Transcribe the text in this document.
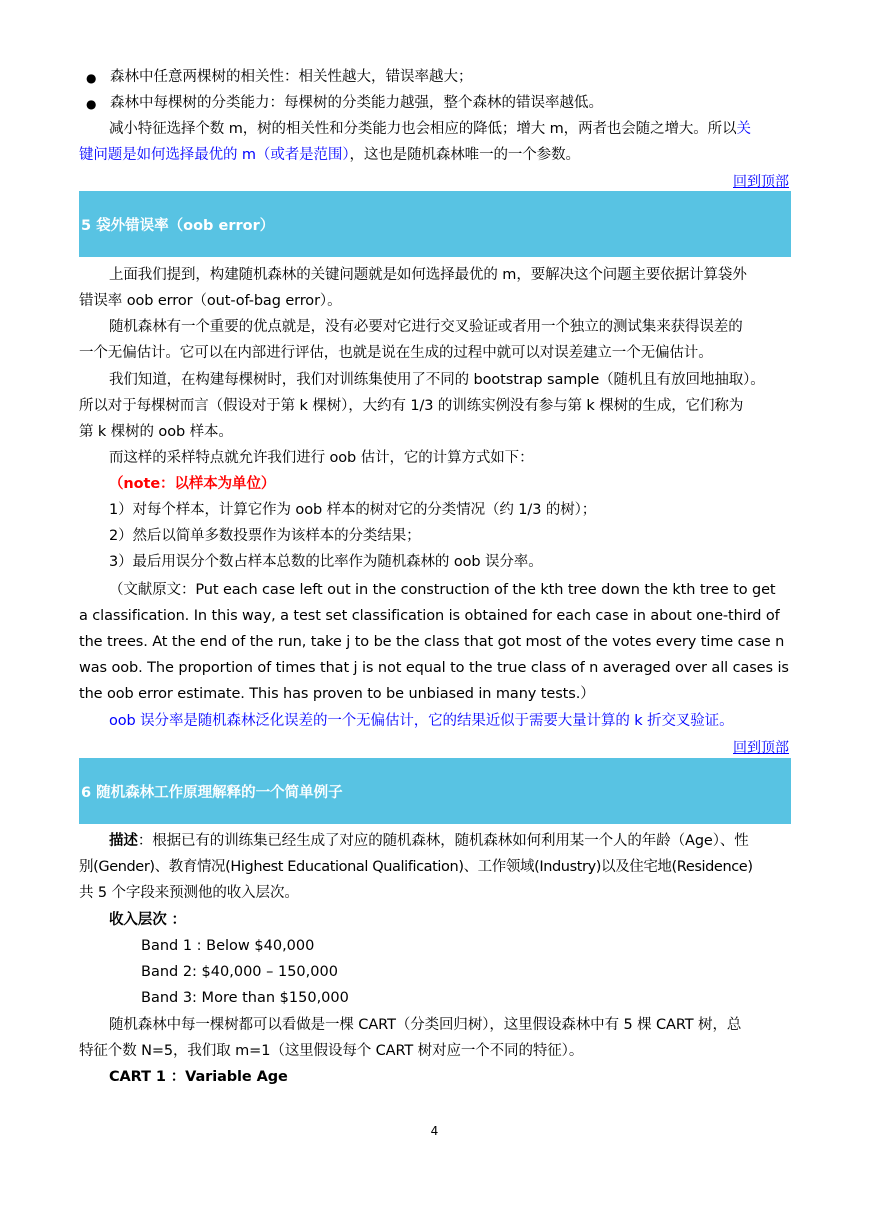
● 森林中任意两棵树的相关性：相关性越大，错误率越大；
● 森林中每棵树的分类能力：每棵树的分类能力越强，整个森林的错误率越低。
减小特征选择个数 m，树的相关性和分类能力也会相应的降低；增大 m，两者也会随之增大。所以关
键问题是如何选择最优的 m（或者是范围），这也是随机森林唯一的一个参数。
回到顶部
5 袋外错误率（oob error）
上面我们提到，构建随机森林的关键问题就是如何选择最优的 m，要解决这个问题主要依据计算袋外
错误率 oob error（out-of-bag error）。
随机森林有一个重要的优点就是，没有必要对它进行交叉验证或者用一个独立的测试集来获得误差的
一个无偏估计。它可以在内部进行评估，也就是说在生成的过程中就可以对误差建立一个无偏估计。
我们知道，在构建每棵树时，我们对训练集使用了不同的 bootstrap sample（随机且有放回地抽取）。
所以对于每棵树而言（假设对于第 k 棵树），大约有 1/3 的训练实例没有参与第 k 棵树的生成，它们称为
第 k 棵树的 oob 样本。
而这样的采样特点就允许我们进行 oob 估计，它的计算方式如下：
（note：以样本为单位）
1）对每个样本，计算它作为 oob 样本的树对它的分类情况（约 1/3 的树）；
2）然后以简单多数投票作为该样本的分类结果；
3）最后用误分个数占样本总数的比率作为随机森林的 oob 误分率。
（文献原文：Put each case left out in the construction of the kth tree down the kth tree to get
a classification. In this way, a test set classification is obtained for each case in about one-third of
the trees. At the end of the run, take j to be the class that got most of the votes every time case n
was oob. The proportion of times that j is not equal to the true class of n averaged over all cases is
the oob error estimate. This has proven to be unbiased in many tests.）
oob 误分率是随机森林泛化误差的一个无偏估计，它的结果近似于需要大量计算的 k 折交叉验证。
回到顶部
6 随机森林工作原理解释的一个简单例子
描述：根据已有的训练集已经生成了对应的随机森林，随机森林如何利用某一个人的年龄（Age）、性
别(Gender)、教育情况(Highest Educational Qualification)、工作领域(Industry)以及住宅地(Residence)
共 5 个字段来预测他的收入层次。
收入层次 ：
Band 1 : Below $40,000
Band 2: $40,000 – 150,000
Band 3: More than $150,000
随机森林中每一棵树都可以看做是一棵 CART（分类回归树），这里假设森林中有 5 棵 CART 树，总
特征个数 N=5，我们取 m=1（这里假设每个 CART 树对应一个不同的特征）。
CART 1 ：Variable Age
4
